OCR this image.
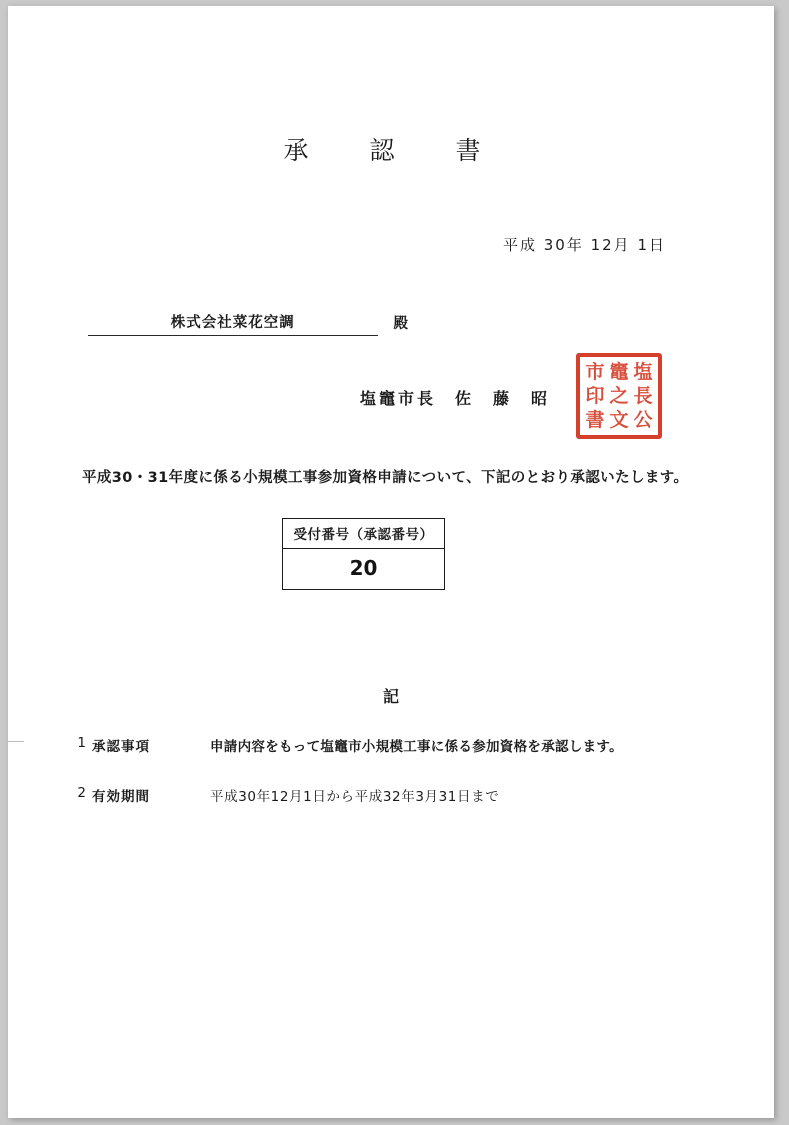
承　認　書
平成 30年 12月 1日
株式会社菜花空調	殿
塩竈市長　佐　藤　昭
塩
竈
市
長
之
印
公
文
書
平成30・31年度に係る小規模工事参加資格申請について、下記のとおり承認いたします。
受付番号（承認番号）
20
記
1 承認事項	申請内容をもって塩竈市小規模工事に係る参加資格を承認します。
2 有効期間	平成30年12月1日から平成32年3月31日まで
